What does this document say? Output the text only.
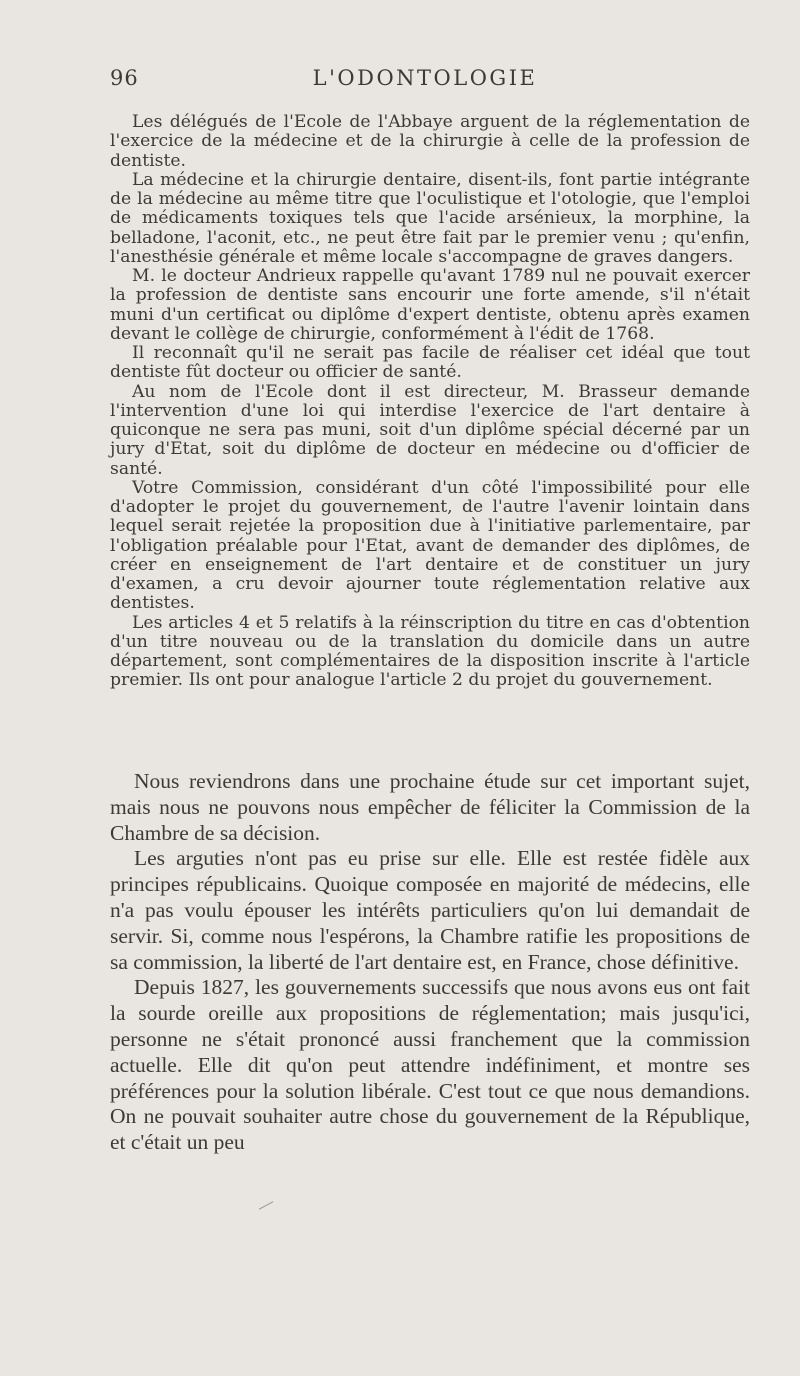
96	L'ODONTOLOGIE

Les délégués de l'Ecole de l'Abbaye arguent de la réglementation de l'exercice de la médecine et de la chirurgie à celle de la profession de dentiste.

La médecine et la chirurgie dentaire, disent-ils, font partie intégrante de la médecine au même titre que l'oculistique et l'otologie, que l'emploi de médicaments toxiques tels que l'acide arsénieux, la morphine, la belladone, l'aconit, etc., ne peut être fait par le premier venu ; qu'enfin, l'anesthésie générale et même locale s'accompagne de graves dangers.

M. le docteur Andrieux rappelle qu'avant 1789 nul ne pouvait exercer la profession de dentiste sans encourir une forte amende, s'il n'était muni d'un certificat ou diplôme d'expert dentiste, obtenu après examen devant le collège de chirurgie, conformément à l'édit de 1768.

Il reconnaît qu'il ne serait pas facile de réaliser cet idéal que tout dentiste fût docteur ou officier de santé.

Au nom de l'Ecole dont il est directeur, M. Brasseur demande l'intervention d'une loi qui interdise l'exercice de l'art dentaire à quiconque ne sera pas muni, soit d'un diplôme spécial décerné par un jury d'Etat, soit du diplôme de docteur en médecine ou d'officier de santé.

Votre Commission, considérant d'un côté l'impossibilité pour elle d'adopter le projet du gouvernement, de l'autre l'avenir lointain dans lequel serait rejetée la proposition due à l'initiative parlementaire, par l'obligation préalable pour l'Etat, avant de demander des diplômes, de créer en enseignement de l'art dentaire et de constituer un jury d'examen, a cru devoir ajourner toute réglementation relative aux dentistes.

Les articles 4 et 5 relatifs à la réinscription du titre en cas d'obtention d'un titre nouveau ou de la translation du domicile dans un autre département, sont complémentaires de la disposition inscrite à l'article premier. Ils ont pour analogue l'article 2 du projet du gouvernement.

Nous reviendrons dans une prochaine étude sur cet important sujet, mais nous ne pouvons nous empêcher de féliciter la Commission de la Chambre de sa décision.

Les arguties n'ont pas eu prise sur elle. Elle est restée fidèle aux principes républicains. Quoique composée en majorité de médecins, elle n'a pas voulu épouser les intérêts particuliers qu'on lui demandait de servir. Si, comme nous l'espérons, la Chambre ratifie les propositions de sa commission, la liberté de l'art dentaire est, en France, chose définitive.

Depuis 1827, les gouvernements successifs que nous avons eus ont fait la sourde oreille aux propositions de réglementation; mais jusqu'ici, personne ne s'était prononcé aussi franchement que la commission actuelle. Elle dit qu'on peut attendre indéfiniment, et montre ses préférences pour la solution libérale. C'est tout ce que nous demandions. On ne pouvait souhaiter autre chose du gouvernement de la République, et c'était un peu
